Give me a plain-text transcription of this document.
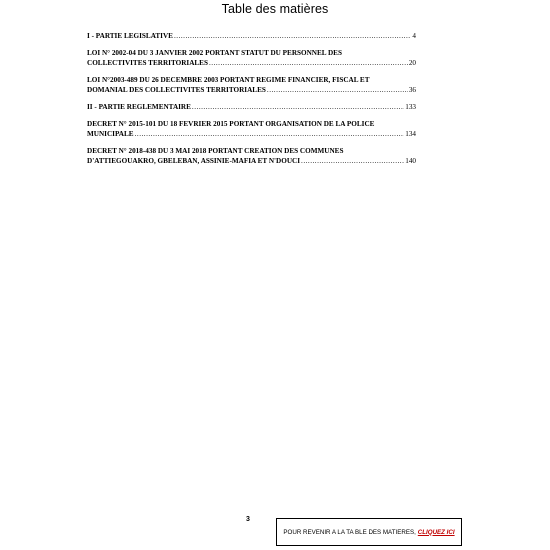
Table des matières
I - PARTIE LEGISLATIVE .....	4
LOI N° 2002-04 DU 3 JANVIER 2002 PORTANT STATUT DU PERSONNEL DES
COLLECTIVITES TERRITORIALES .....	20
LOI N°2003-489 DU 26 DECEMBRE 2003 PORTANT REGIME FINANCIER, FISCAL ET
DOMANIAL DES COLLECTIVITES TERRITORIALES .....	36
II - PARTIE REGLEMENTAIRE .....	133
DECRET N° 2015-101 DU 18 FEVRIER 2015 PORTANT ORGANISATION DE LA POLICE
MUNICIPALE .....	134
DECRET N° 2018-438 DU 3 MAI 2018 PORTANT CREATION DES COMMUNES
D'ATTIEGOUAKRO, GBELEBAN, ASSINIE-MAFIA ET N'DOUCI .....	140
3
POUR REVENIR A LA TA BLE DES MATIERES, CLIQUEZ ICI
